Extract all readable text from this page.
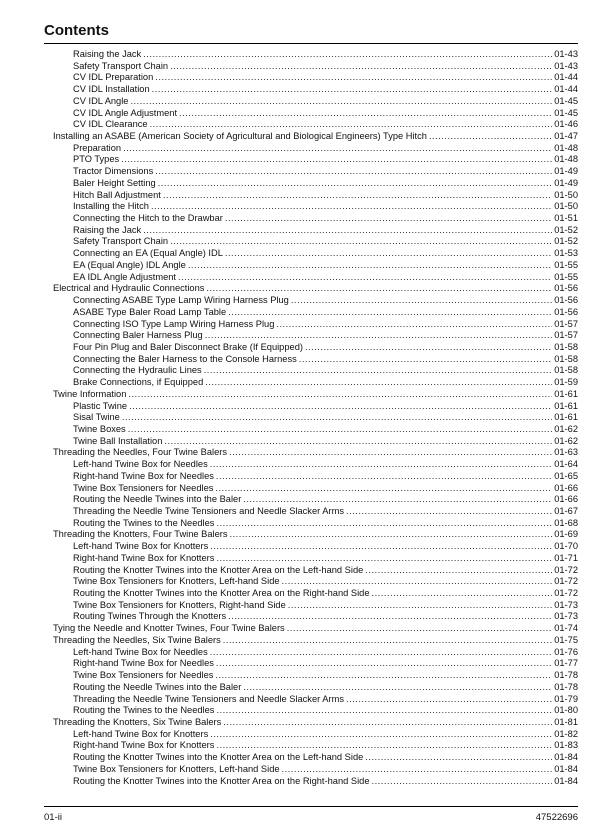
Contents
Raising the Jack .....	01-43
Safety Transport Chain .....	01-43
CV IDL Preparation .....	01-44
CV IDL Installation .....	01-44
CV IDL Angle .....	01-45
CV IDL Angle Adjustment .....	01-45
CV IDL Clearance .....	01-46
Installing an ASABE (American Society of Agricultural and Biological Engineers) Type Hitch .....	01-47
Preparation .....	01-48
PTO Types .....	01-48
Tractor Dimensions .....	01-49
Baler Height Setting .....	01-49
Hitch Ball Adjustment .....	01-50
Installing the Hitch .....	01-50
Connecting the Hitch to the Drawbar .....	01-51
Raising the Jack .....	01-52
Safety Transport Chain .....	01-52
Connecting an EA (Equal Angle) IDL .....	01-53
EA (Equal Angle) IDL Angle .....	01-55
EA IDL Angle Adjustment .....	01-55
Electrical and Hydraulic Connections .....	01-56
Connecting ASABE Type Lamp Wiring Harness Plug .....	01-56
ASABE Type Baler Road Lamp Table .....	01-56
Connecting ISO Type Lamp Wiring Harness Plug .....	01-57
Connecting Baler Harness Plug .....	01-57
Four Pin Plug and Baler Disconnect Brake (If Equipped) .....	01-58
Connecting the Baler Harness to the Console Harness .....	01-58
Connecting the Hydraulic Lines .....	01-58
Brake Connections, if Equipped .....	01-59
Twine Information .....	01-61
Plastic Twine .....	01-61
Sisal Twine .....	01-61
Twine Boxes .....	01-62
Twine Ball Installation .....	01-62
Threading the Needles, Four Twine Balers .....	01-63
Left-hand Twine Box for Needles .....	01-64
Right-hand Twine Box for Needles .....	01-65
Twine Box Tensioners for Needles .....	01-66
Routing the Needle Twines into the Baler .....	01-66
Threading the Needle Twine Tensioners and Needle Slacker Arms .....	01-67
Routing the Twines to the Needles .....	01-68
Threading the Knotters, Four Twine Balers .....	01-69
Left-hand Twine Box for Knotters .....	01-70
Right-hand Twine Box for Knotters .....	01-71
Routing the Knotter Twines into the Knotter Area on the Left-hand Side .....	01-72
Twine Box Tensioners for Knotters, Left-hand Side .....	01-72
Routing the Knotter Twines into the Knotter Area on the Right-hand Side .....	01-72
Twine Box Tensioners for Knotters, Right-hand Side .....	01-73
Routing Twines Through the Knotters .....	01-73
Tying the Needle and Knotter Twines, Four Twine Balers .....	01-74
Threading the Needles, Six Twine Balers .....	01-75
Left-hand Twine Box for Needles .....	01-76
Right-hand Twine Box for Needles .....	01-77
Twine Box Tensioners for Needles .....	01-78
Routing the Needle Twines into the Baler .....	01-78
Threading the Needle Twine Tensioners and Needle Slacker Arms .....	01-79
Routing the Twines to the Needles .....	01-80
Threading the Knotters, Six Twine Balers .....	01-81
Left-hand Twine Box for Knotters .....	01-82
Right-hand Twine Box for Knotters .....	01-83
Routing the Knotter Twines into the Knotter Area on the Left-hand Side .....	01-84
Twine Box Tensioners for Knotters, Left-hand Side .....	01-84
Routing the Knotter Twines into the Knotter Area on the Right-hand Side .....	01-84
01-ii	47522696
